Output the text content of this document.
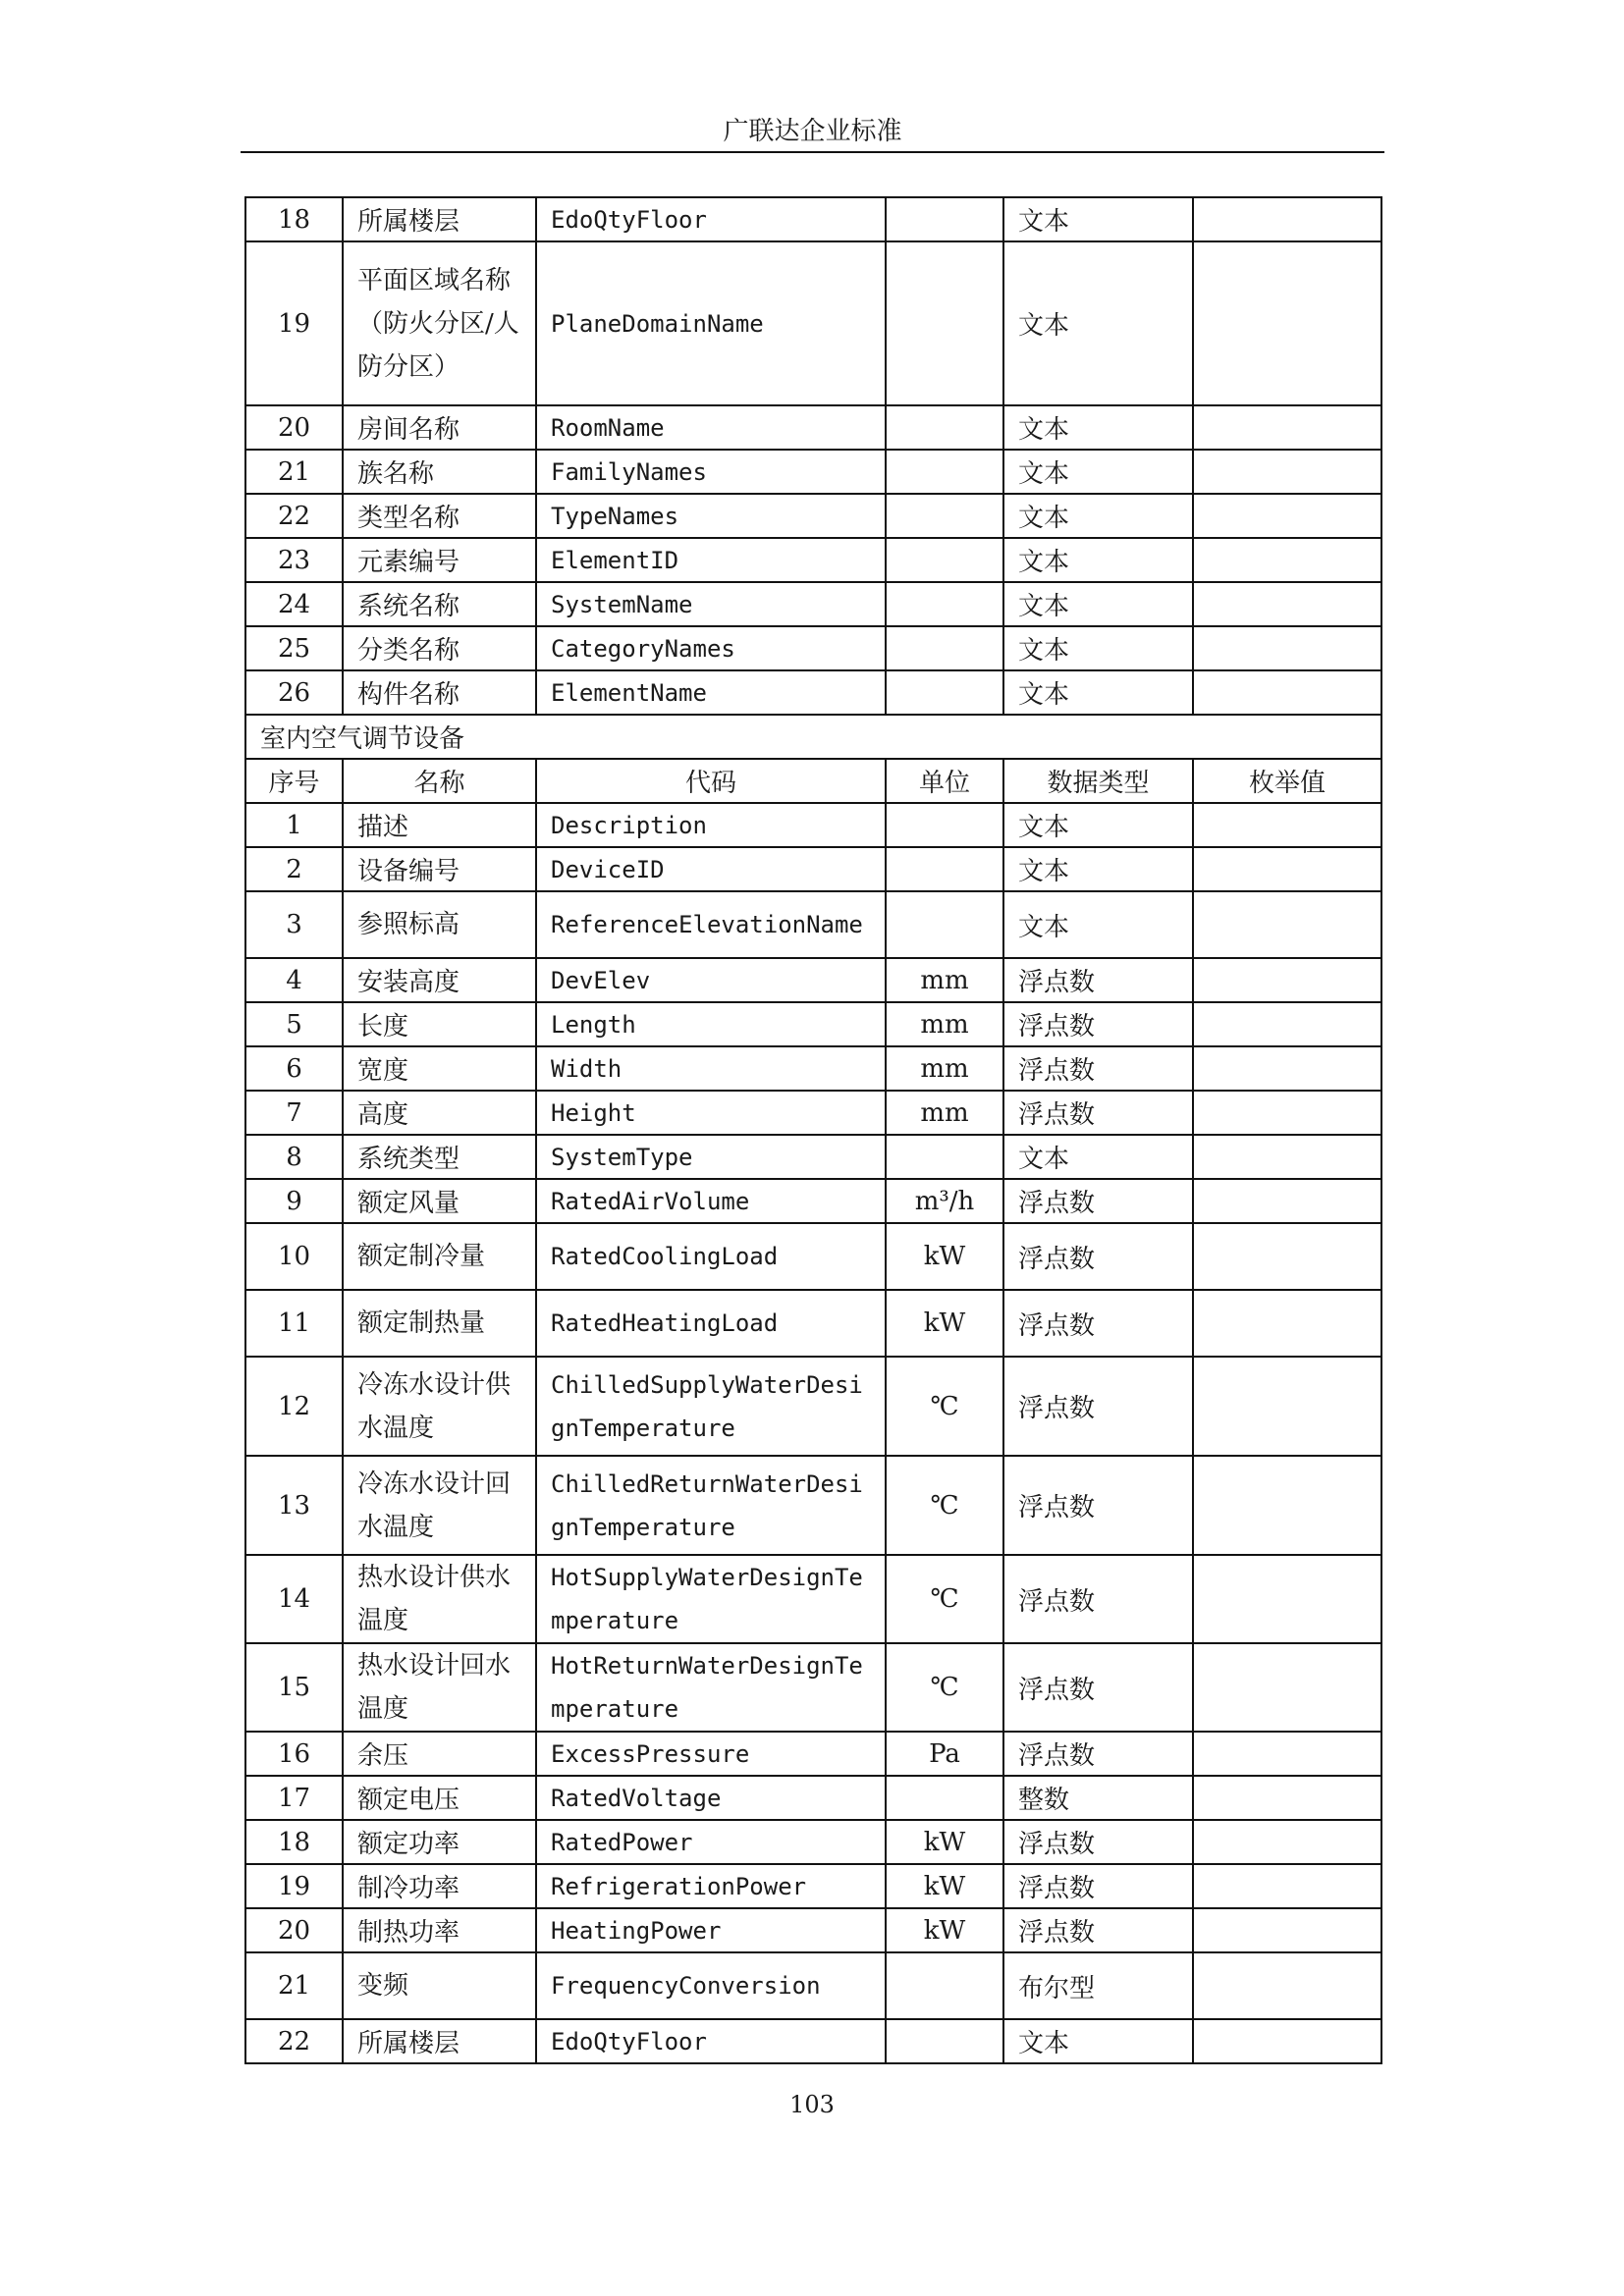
广联达企业标准
18	所属楼层	EdoQtyFloor		文本	
19	平面区域名称（防火分区/人防分区）	PlaneDomainName		文本	
20	房间名称	RoomName		文本	
21	族名称	FamilyNames		文本	
22	类型名称	TypeNames		文本	
23	元素编号	ElementID		文本	
24	系统名称	SystemName		文本	
25	分类名称	CategoryNames		文本	
26	构件名称	ElementName		文本	
室内空气调节设备					
序号	名称	代码	单位	数据类型	枚举值
1	描述	Description		文本	
2	设备编号	DeviceID		文本	
3	参照标高	ReferenceElevationName		文本	
4	安装高度	DevElev	mm	浮点数	
5	长度	Length	mm	浮点数	
6	宽度	Width	mm	浮点数	
7	高度	Height	mm	浮点数	
8	系统类型	SystemType		文本	
9	额定风量	RatedAirVolume	m³/h	浮点数	
10	额定制冷量	RatedCoolingLoad	kW	浮点数	
11	额定制热量	RatedHeatingLoad	kW	浮点数	
12	冷冻水设计供水温度	ChilledSupplyWaterDesignTemperature	℃	浮点数	
13	冷冻水设计回水温度	ChilledReturnWaterDesignTemperature	℃	浮点数	
14	热水设计供水温度	HotSupplyWaterDesignTemperature	℃	浮点数	
15	热水设计回水温度	HotReturnWaterDesignTemperature	℃	浮点数	
16	余压	ExcessPressure	Pa	浮点数	
17	额定电压	RatedVoltage		整数	
18	额定功率	RatedPower	kW	浮点数	
19	制冷功率	RefrigerationPower	kW	浮点数	
20	制热功率	HeatingPower	kW	浮点数	
21	变频	FrequencyConversion		布尔型	
22	所属楼层	EdoQtyFloor		文本	
103
